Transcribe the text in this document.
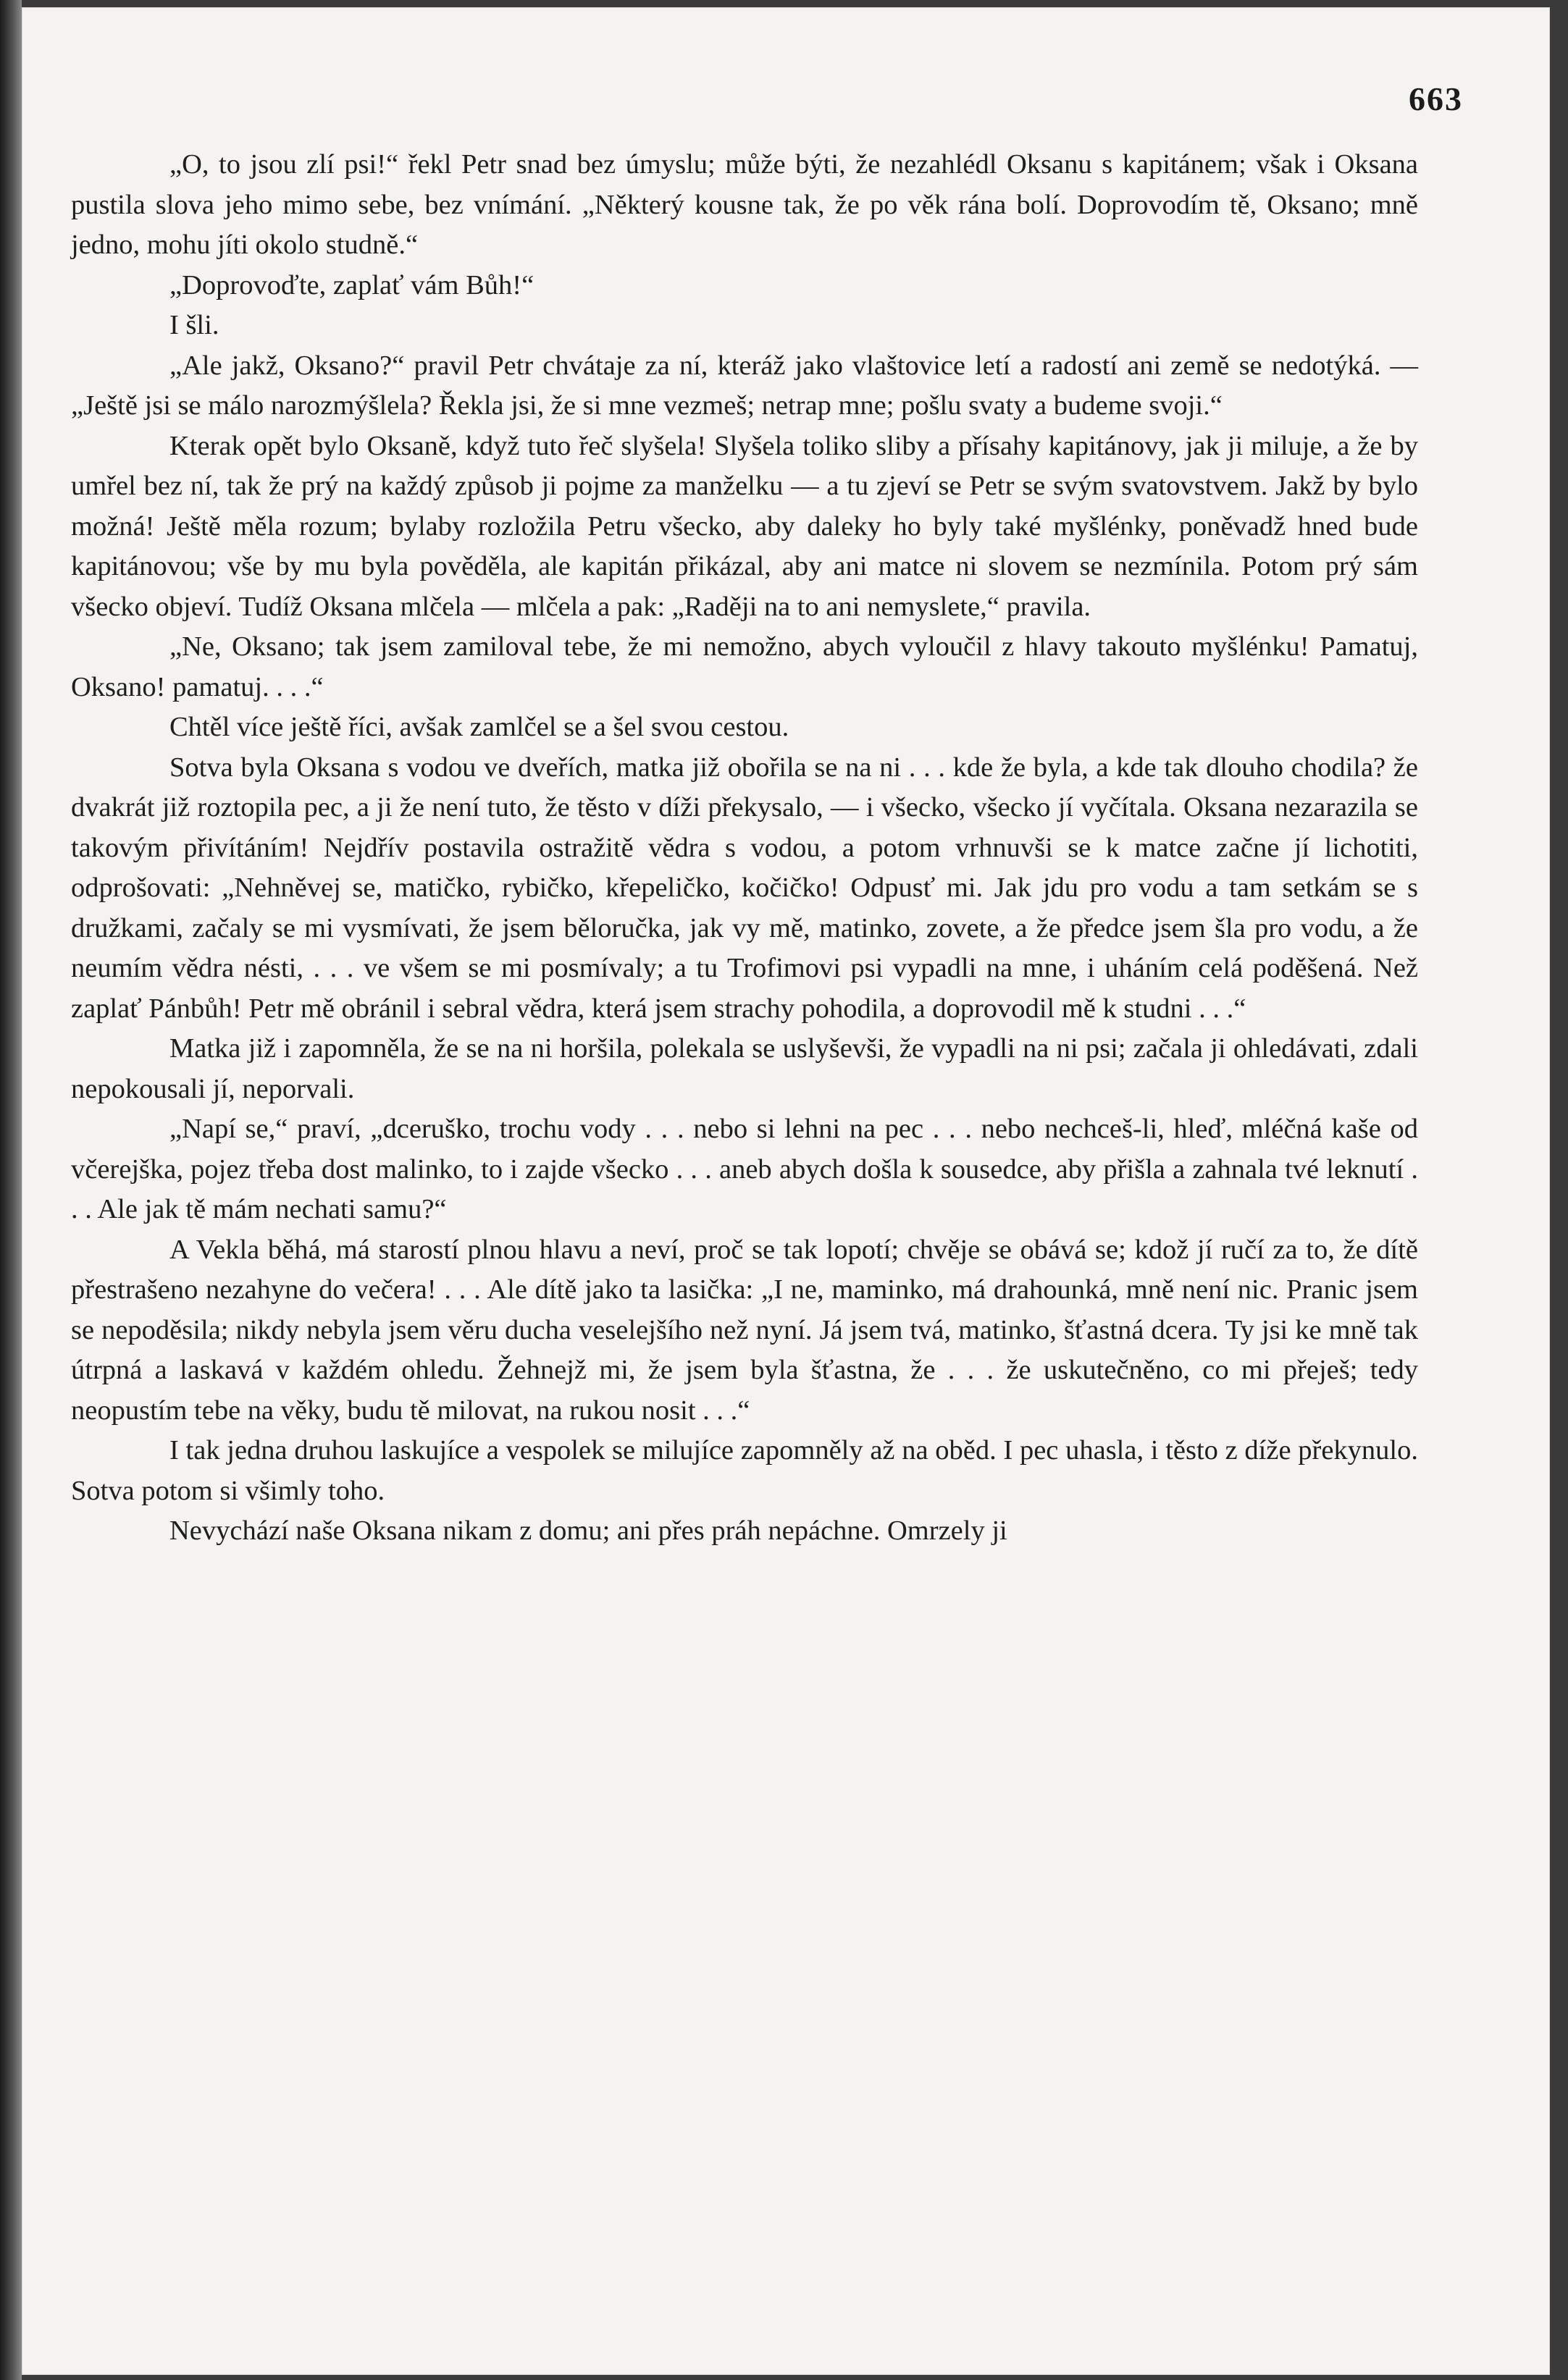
663

„O, to jsou zlí psi!“ řekl Petr snad bez úmyslu; může býti, že nezahlédl Oksanu s kapitánem; však i Oksana pustila slova jeho mimo sebe, bez vnímání. „Některý kousne tak, že po věk rána bolí. Doprovodím tě, Oksano; mně jedno, mohu jíti okolo studně.“

„Doprovoďte, zaplať vám Bůh!“

I šli.

„Ale jakž, Oksano?“ pravil Petr chvátaje za ní, kteráž jako vlaštovice letí a radostí ani země se nedotýká. — „Ještě jsi se málo narozmýšlela? Řekla jsi, že si mne vezmeš; netrap mne; pošlu svaty a budeme svoji.“

Kterak opět bylo Oksaně, když tuto řeč slyšela! Slyšela toliko sliby a přísahy kapitánovy, jak ji miluje, a že by umřel bez ní, tak že prý na každý způsob ji pojme za manželku — a tu zjeví se Petr se svým svatovstvem. Jakž by bylo možná! Ještě měla rozum; bylaby rozložila Petru všecko, aby daleky ho byly také myšlénky, poněvadž hned bude kapitánovou; vše by mu byla pověděla, ale kapitán přikázal, aby ani matce ni slovem se nezmínila. Potom prý sám všecko objeví. Tudíž Oksana mlčela — mlčela a pak: „Raději na to ani nemyslete,“ pravila.

„Ne, Oksano; tak jsem zamiloval tebe, že mi nemožno, abych vyloučil z hlavy takouto myšlénku! Pamatuj, Oksano! pamatuj. . . .“

Chtěl více ještě říci, avšak zamlčel se a šel svou cestou.

Sotva byla Oksana s vodou ve dveřích, matka již obořila se na ni . . . kde že byla, a kde tak dlouho chodila? že dvakrát již roztopila pec, a ji že není tuto, že těsto v díži překysalo, — i všecko, všecko jí vyčítala. Oksana nezarazila se takovým přivítáním! Nejdřív postavila ostražitě vědra s vodou, a potom vrhnuvši se k matce začne jí lichotiti, odprošovati: „Nehněvej se, matičko, rybičko, křepeličko, kočičko! Odpusť mi. Jak jdu pro vodu a tam setkám se s družkami, začaly se mi vysmívati, že jsem bělоručka, jak vy mě, matinko, zovete, a že předce jsem šla pro vodu, a že neumím vědra nésti, . . . ve všem se mi posmívaly; a tu Trofimovi psi vypadli na mne, i uháním celá poděšená. Než zaplať Pánbůh! Petr mě obránil i sebral vědra, která jsem strachy pohodila, a doprovodil mě k studni . . .“

Matka již i zapomněla, že se na ni horšila, polekala se uslyševši, že vypadli na ni psi; začala ji ohledávati, zdali nepokousali jí, neporvali.

„Napí se,“ praví, „dceruško, trochu vody . . . nebo si lehni na pec . . . nebo nechceš-li, hleď, mléčná kaše od včerejška, pojez třeba dost malinko, to i zajde všecko . . . aneb abych došla k sousedce, aby přišla a zahnala tvé leknutí . . . Ale jak tě mám nechati samu?“

A Vekla běhá, má starostí plnou hlavu a neví, proč se tak lopotí; chvěje se obává se; kdož jí ručí za to, že dítě přestrašeno nezahyne do večera! . . . Ale dítě jako ta lasička: „I ne, maminko, má drahounká, mně není nic. Pranic jsem se nepoděsila; nikdy nebyla jsem věru ducha veselejšího než nyní. Já jsem tvá, matinko, šťastná dcera. Ty jsi ke mně tak útrpná a laskavá v každém ohledu. Žehnejž mi, že jsem byla šťastna, že . . . že uskutečněno, co mi přeješ; tedy neopustím tebe na věky, budu tě milovat, na rukou nosit . . .“

I tak jedna druhou laskujíce a vespolek se milujíce zapomněly až na oběd. I pec uhasla, i těsto z díže překynulo. Sotva potom si všimly toho.

Nevychází naše Oksana nikam z domu; ani přes práh nepáchne. Omrzely ji
